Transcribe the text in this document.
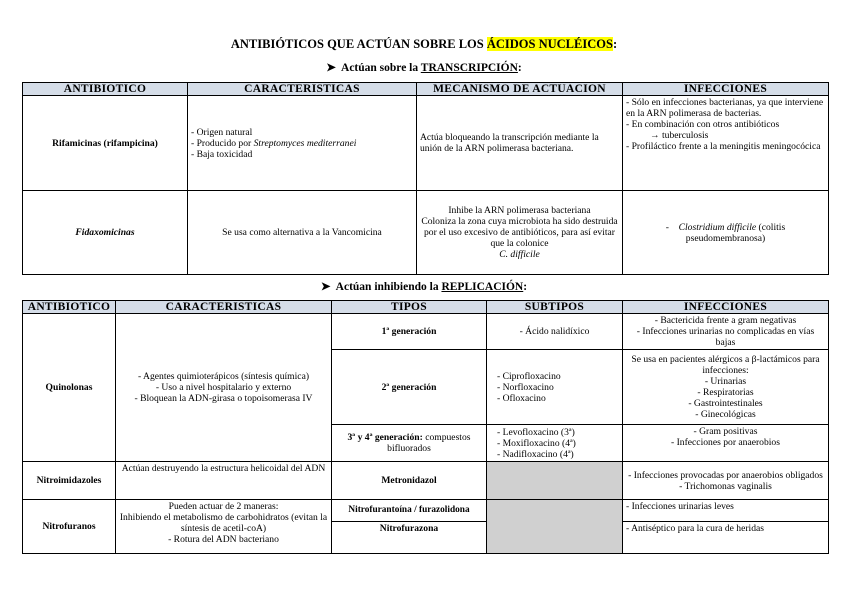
ANTIBIÓTICOS QUE ACTÚAN SOBRE LOS ÁCIDOS NUCLÉICOS:
➤ Actúan sobre la TRANSCRIPCIÓN:
ANTIBIOTICO	CARACTERISTICAS	MECANISMO DE ACTUACION	INFECCIONES
Rifamicinas (rifampicina)	- Origen natural
- Producido por Streptomyces mediterranei
- Baja toxicidad	Actúa bloqueando la transcripción mediante la unión de la ARN polimerasa bacteriana.	- Sólo en infecciones bacterianas, ya que interviene en la ARN polimerasa de bacterias.
- En combinación con otros antibióticos
→ tuberculosis
- Profiláctico frente a la meningitis meningocócica

Fidaxomicinas	Se usa como alternativa a la Vancomicina	Inhibe la ARN polimerasa bacteriana
Coloniza la zona cuya microbiota ha sido destruida por el uso excesivo de antibióticos, para así evitar que la colonice
C. difficile	- Clostridium difficile (colitis pseudomembranosa)
➤ Actúan inhibiendo la REPLICACIÓN:
ANTIBIOTICO	CARACTERISTICAS	TIPOS	SUBTIPOS	INFECCIONES
Quinolonas	- Agentes quimioterápicos (síntesis química)
- Uso a nivel hospitalario y externo
- Bloquean la ADN-girasa o topoisomerasa IV	1ª generación	- Ácido nalidíxico	- Bactericida frente a gram negativas
- Infecciones urinarias no complicadas en vías bajas

		2ª generación	- Ciprofloxacino
- Norfloxacino
- Ofloxacino	Se usa en pacientes alérgicos a β-lactámicos para infecciones:
- Urinarias
- Respiratorias
- Gastrointestinales
- Ginecológicas

		3ª y 4ª generación: compuestos bifluorados	- Levofloxacino (3ª)
- Moxifloxacino (4ª)
- Nadifloxacino (4ª)	- Gram positivas
- Infecciones por anaerobios

Nitroimidazoles	Actúan destruyendo la estructura helicoidal del ADN	Metronidazol		- Infecciones provocadas por anaerobios obligados
- Trichomonas vaginalis

Nitrofuranos	Pueden actuar de 2 maneras:
Inhibiendo el metabolismo de carbohidratos (evitan la síntesis de acetil-coA)
- Rotura del ADN bacteriano	Nitrofurantoína / furazolidona		- Infecciones urinarias leves
		Nitrofurazona		- Antiséptico para la cura de heridas
